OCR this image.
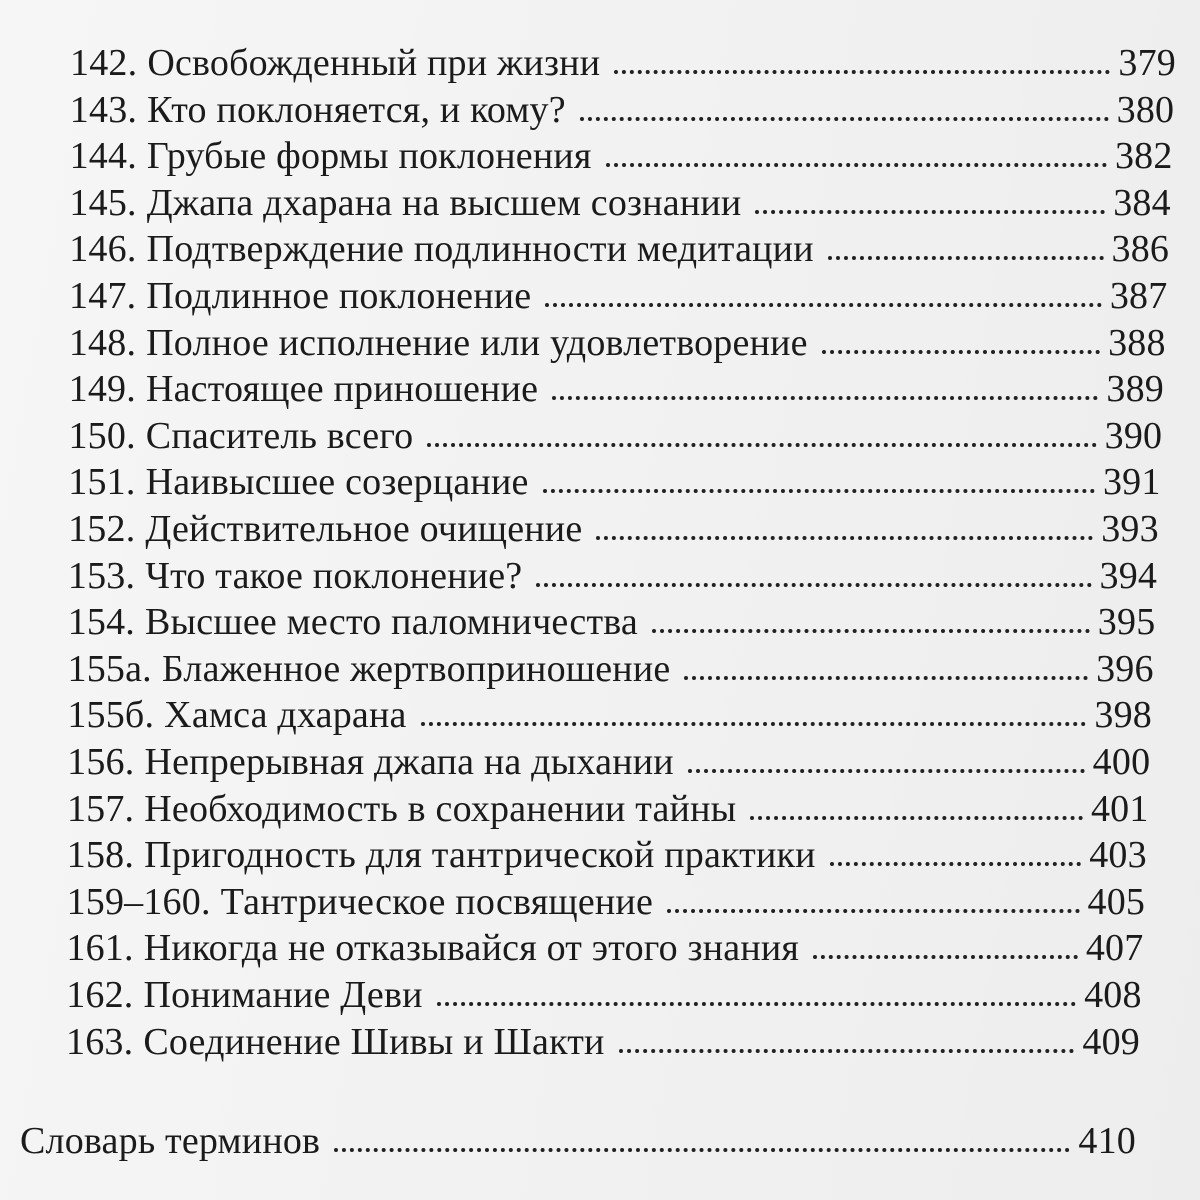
142. Освобожденный при жизни	379
143. Кто поклоняется, и кому?	380
144. Грубые формы поклонения	382
145. Джапа дхарана на высшем сознании	384
146. Подтверждение подлинности медитации	386
147. Подлинное поклонение	387
148. Полное исполнение или удовлетворение	388
149. Настоящее приношение	389
150. Спаситель всего	390
151. Наивысшее созерцание	391
152. Действительное очищение	393
153. Что такое поклонение?	394
154. Высшее место паломничества	395
155а. Блаженное жертвоприношение	396
155б. Хамса дхарана	398
156. Непрерывная джапа на дыхании	400
157. Необходимость в сохранении тайны	401
158. Пригодность для тантрической практики	403
159–160. Тантрическое посвящение	405
161. Никогда не отказывайся от этого знания	407
162. Понимание Деви	408
163. Соединение Шивы и Шакти	409
Словарь терминов	410
